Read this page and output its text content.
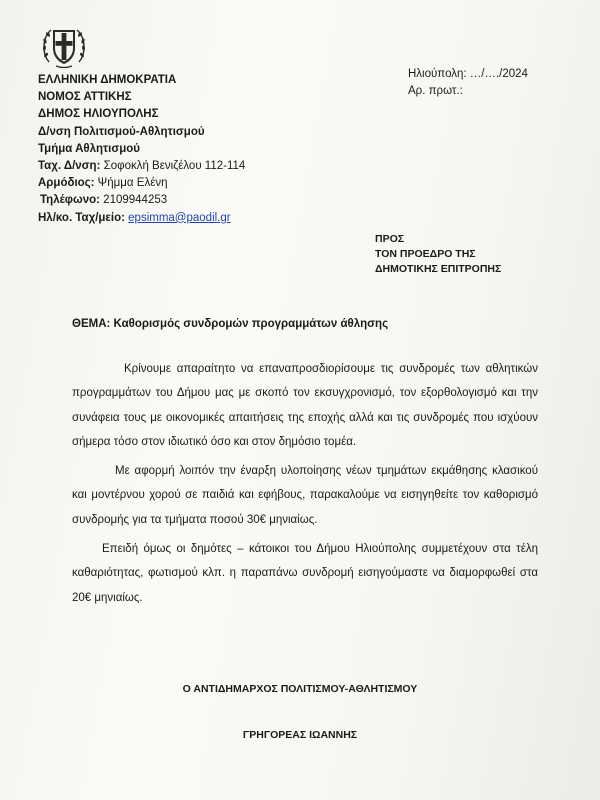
ΕΛΛΗΝΙΚΗ ΔΗΜΟΚΡΑΤΙΑ
ΝΟΜΟΣ ΑΤΤΙΚΗΣ
ΔΗΜΟΣ ΗΛΙΟΥΠΟΛΗΣ
Δ/νση Πολιτισμού-Αθλητισμού
Τμήμα Αθλητισμού
Ταχ. Δ/νση: Σοφοκλή Βενιζέλου 112-114
Αρμόδιος: Ψήμμα Ελένη
Τηλέφωνο: 2109944253
Ηλ/κο. Ταχ/μείο: epsimma@paodil.gr
Ηλιούπολη: …/…./2024
Αρ. πρωτ.:
ΠΡΟΣ
ΤΟΝ ΠΡΟΕΔΡΟ ΤΗΣ
ΔΗΜΟΤΙΚΗΣ ΕΠΙΤΡΟΠΗΣ
ΘΕΜΑ: Καθορισμός συνδρομών προγραμμάτων άθλησης

Κρίνουμε απαραίτητο να επαναπροσδιορίσουμε τις συνδρομές των αθλητικών προγραμμάτων του Δήμου μας με σκοπό τον εκσυγχρονισμό, τον εξορθολογισμό και την συνάφεια τους με οικονομικές απαιτήσεις της εποχής αλλά και τις συνδρομές που ισχύουν σήμερα τόσο στον ιδιωτικό όσο και στον δημόσιο τομέα.

Με αφορμή λοιπόν την έναρξη υλοποίησης νέων τμημάτων εκμάθησης κλασικού και μοντέρνου χορού σε παιδιά και εφήβους, παρακαλούμε να εισηγηθείτε τον καθορισμό συνδρομής για τα τμήματα ποσού 30€ μηνιαίως.

Επειδή όμως οι δημότες – κάτοικοι του Δήμου Ηλιούπολης συμμετέχουν στα τέλη καθαριότητας, φωτισμού κλπ. η παραπάνω συνδρομή εισηγούμαστε να διαμορφωθεί στα 20€ μηνιαίως.

Ο ΑΝΤΙΔΗΜΑΡΧΟΣ ΠΟΛΙΤΙΣΜΟΥ-ΑΘΛΗΤΙΣΜΟΥ
ΓΡΗΓΟΡΕΑΣ ΙΩΑΝΝΗΣ
